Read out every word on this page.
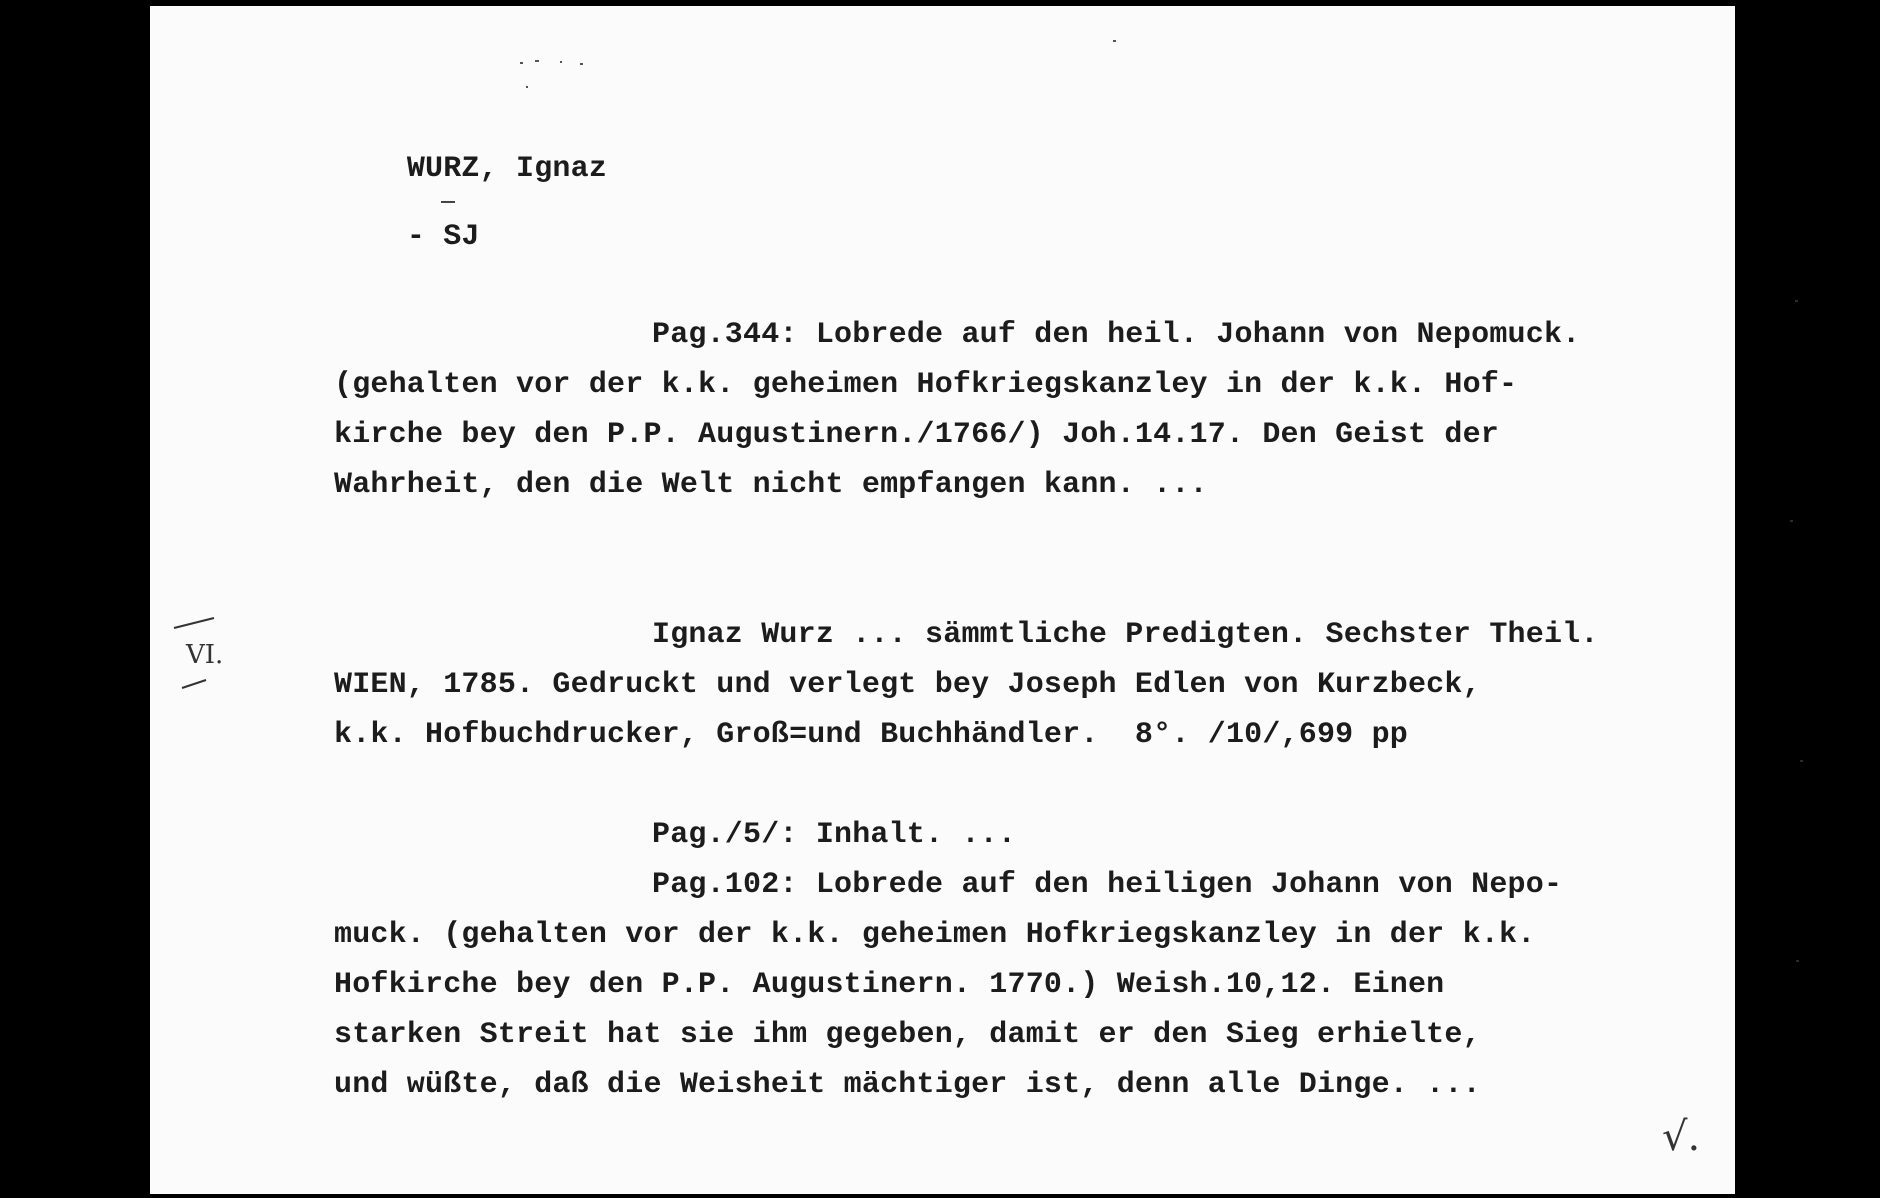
WURZ, Ignaz

- SJ

Pag.344: Lobrede auf den heil. Johann von Nepomuck.

(gehalten vor der k.k. geheimen Hofkriegskanzley in der k.k. Hof-

kirche bey den P.P. Augustinern./1766/) Joh.14.17. Den Geist der

Wahrheit, den die Welt nicht empfangen kann. ...

VI.

Ignaz Wurz ... sämmtliche Predigten. Sechster Theil.

WIEN, 1785. Gedruckt und verlegt bey Joseph Edlen von Kurzbeck,

k.k. Hofbuchdrucker, Groß=und Buchhändler.  8°. /10/,699 pp

Pag./5/: Inhalt. ...

Pag.102: Lobrede auf den heiligen Johann von Nepo-

muck. (gehalten vor der k.k. geheimen Hofkriegskanzley in der k.k.

Hofkirche bey den P.P. Augustinern. 1770.) Weish.10,12. Einen

starken Streit hat sie ihm gegeben, damit er den Sieg erhielte,

und wüßte, daß die Weisheit mächtiger ist, denn alle Dinge. ...

√.
